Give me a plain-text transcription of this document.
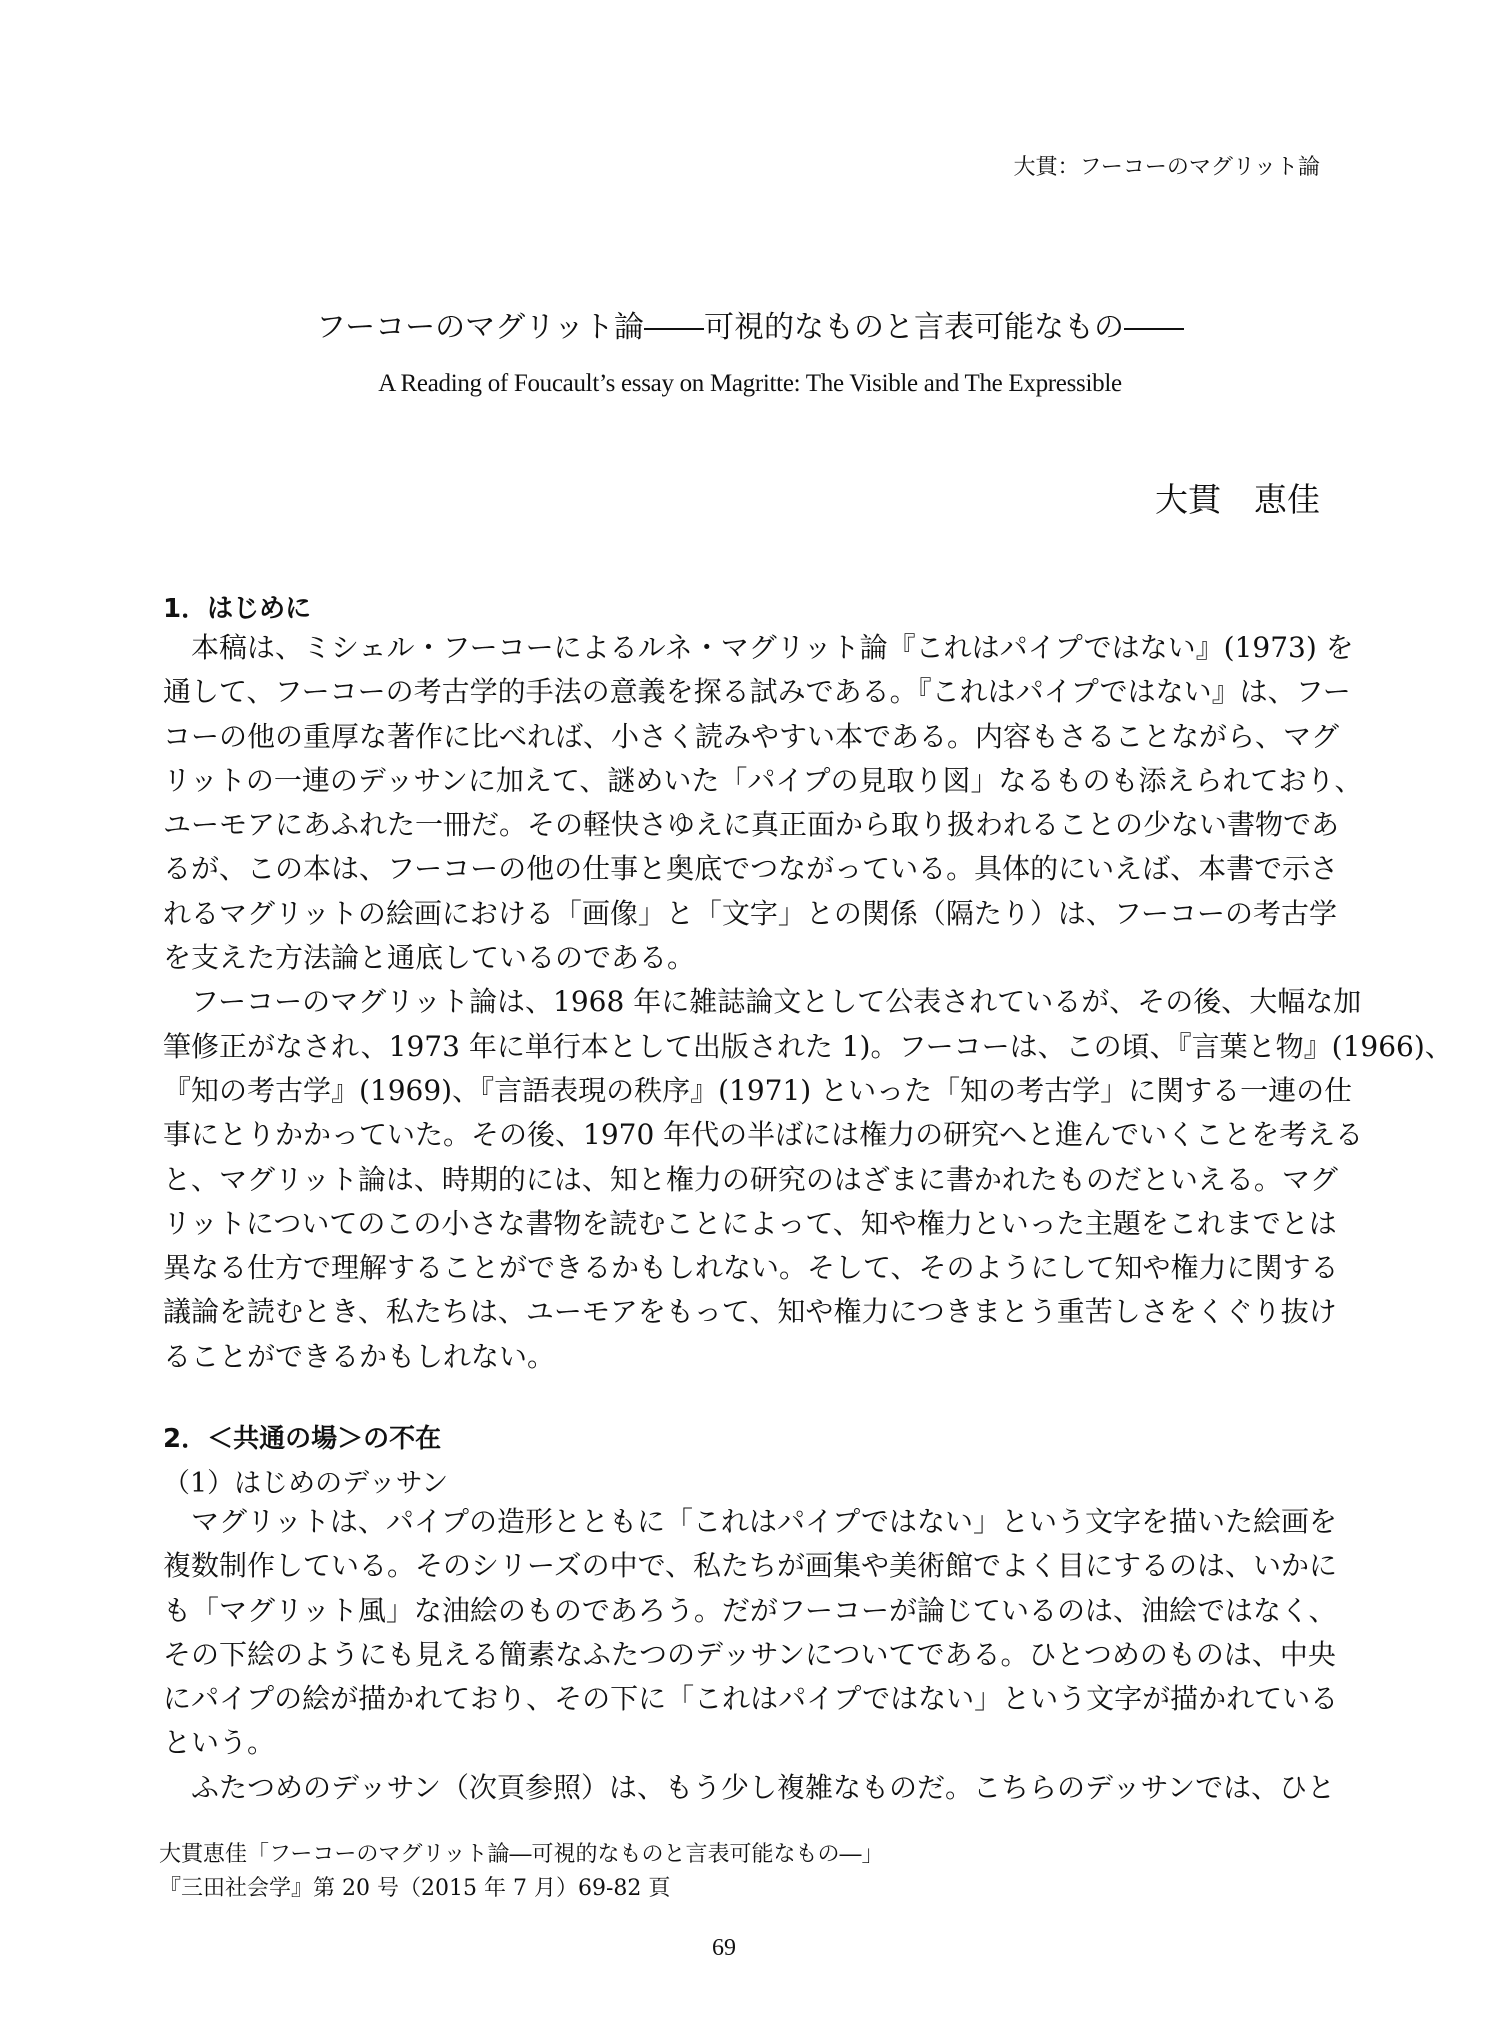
大貫：フーコーのマグリット論
フーコーのマグリット論――可視的なものと言表可能なもの――
A Reading of Foucault’s essay on Magritte: The Visible and The Expressible
大貫　恵佳
1．はじめに
　本稿は、ミシェル・フーコーによるルネ・マグリット論『これはパイプではない』(1973) を
通して、フーコーの考古学的手法の意義を探る試みである。『これはパイプではない』は、フー
コーの他の重厚な著作に比べれば、小さく読みやすい本である。内容もさることながら、マグ
リットの一連のデッサンに加えて、謎めいた「パイプの見取り図」なるものも添えられており、
ユーモアにあふれた一冊だ。その軽快さゆえに真正面から取り扱われることの少ない書物であ
るが、この本は、フーコーの他の仕事と奥底でつながっている。具体的にいえば、本書で示さ
れるマグリットの絵画における「画像」と「文字」との関係（隔たり）は、フーコーの考古学
を支えた方法論と通底しているのである。
　フーコーのマグリット論は、1968 年に雑誌論文として公表されているが、その後、大幅な加
筆修正がなされ、1973 年に単行本として出版された 1)。フーコーは、この頃、『言葉と物』(1966)、
『知の考古学』(1969)、『言語表現の秩序』(1971) といった「知の考古学」に関する一連の仕
事にとりかかっていた。その後、1970 年代の半ばには権力の研究へと進んでいくことを考える
と、マグリット論は、時期的には、知と権力の研究のはざまに書かれたものだといえる。マグ
リットについてのこの小さな書物を読むことによって、知や権力といった主題をこれまでとは
異なる仕方で理解することができるかもしれない。そして、そのようにして知や権力に関する
議論を読むとき、私たちは、ユーモアをもって、知や権力につきまとう重苦しさをくぐり抜け
ることができるかもしれない。
2．＜共通の場＞の不在
（1）はじめのデッサン
　マグリットは、パイプの造形とともに「これはパイプではない」という文字を描いた絵画を
複数制作している。そのシリーズの中で、私たちが画集や美術館でよく目にするのは、いかに
も「マグリット風」な油絵のものであろう。だがフーコーが論じているのは、油絵ではなく、
その下絵のようにも見える簡素なふたつのデッサンについてである。ひとつめのものは、中央
にパイプの絵が描かれており、その下に「これはパイプではない」という文字が描かれている
という。
　ふたつめのデッサン（次頁参照）は、もう少し複雑なものだ。こちらのデッサンでは、ひと
大貫恵佳「フーコーのマグリット論―可視的なものと言表可能なもの―」
『三田社会学』第 20 号（2015 年 7 月）69-82 頁
69
